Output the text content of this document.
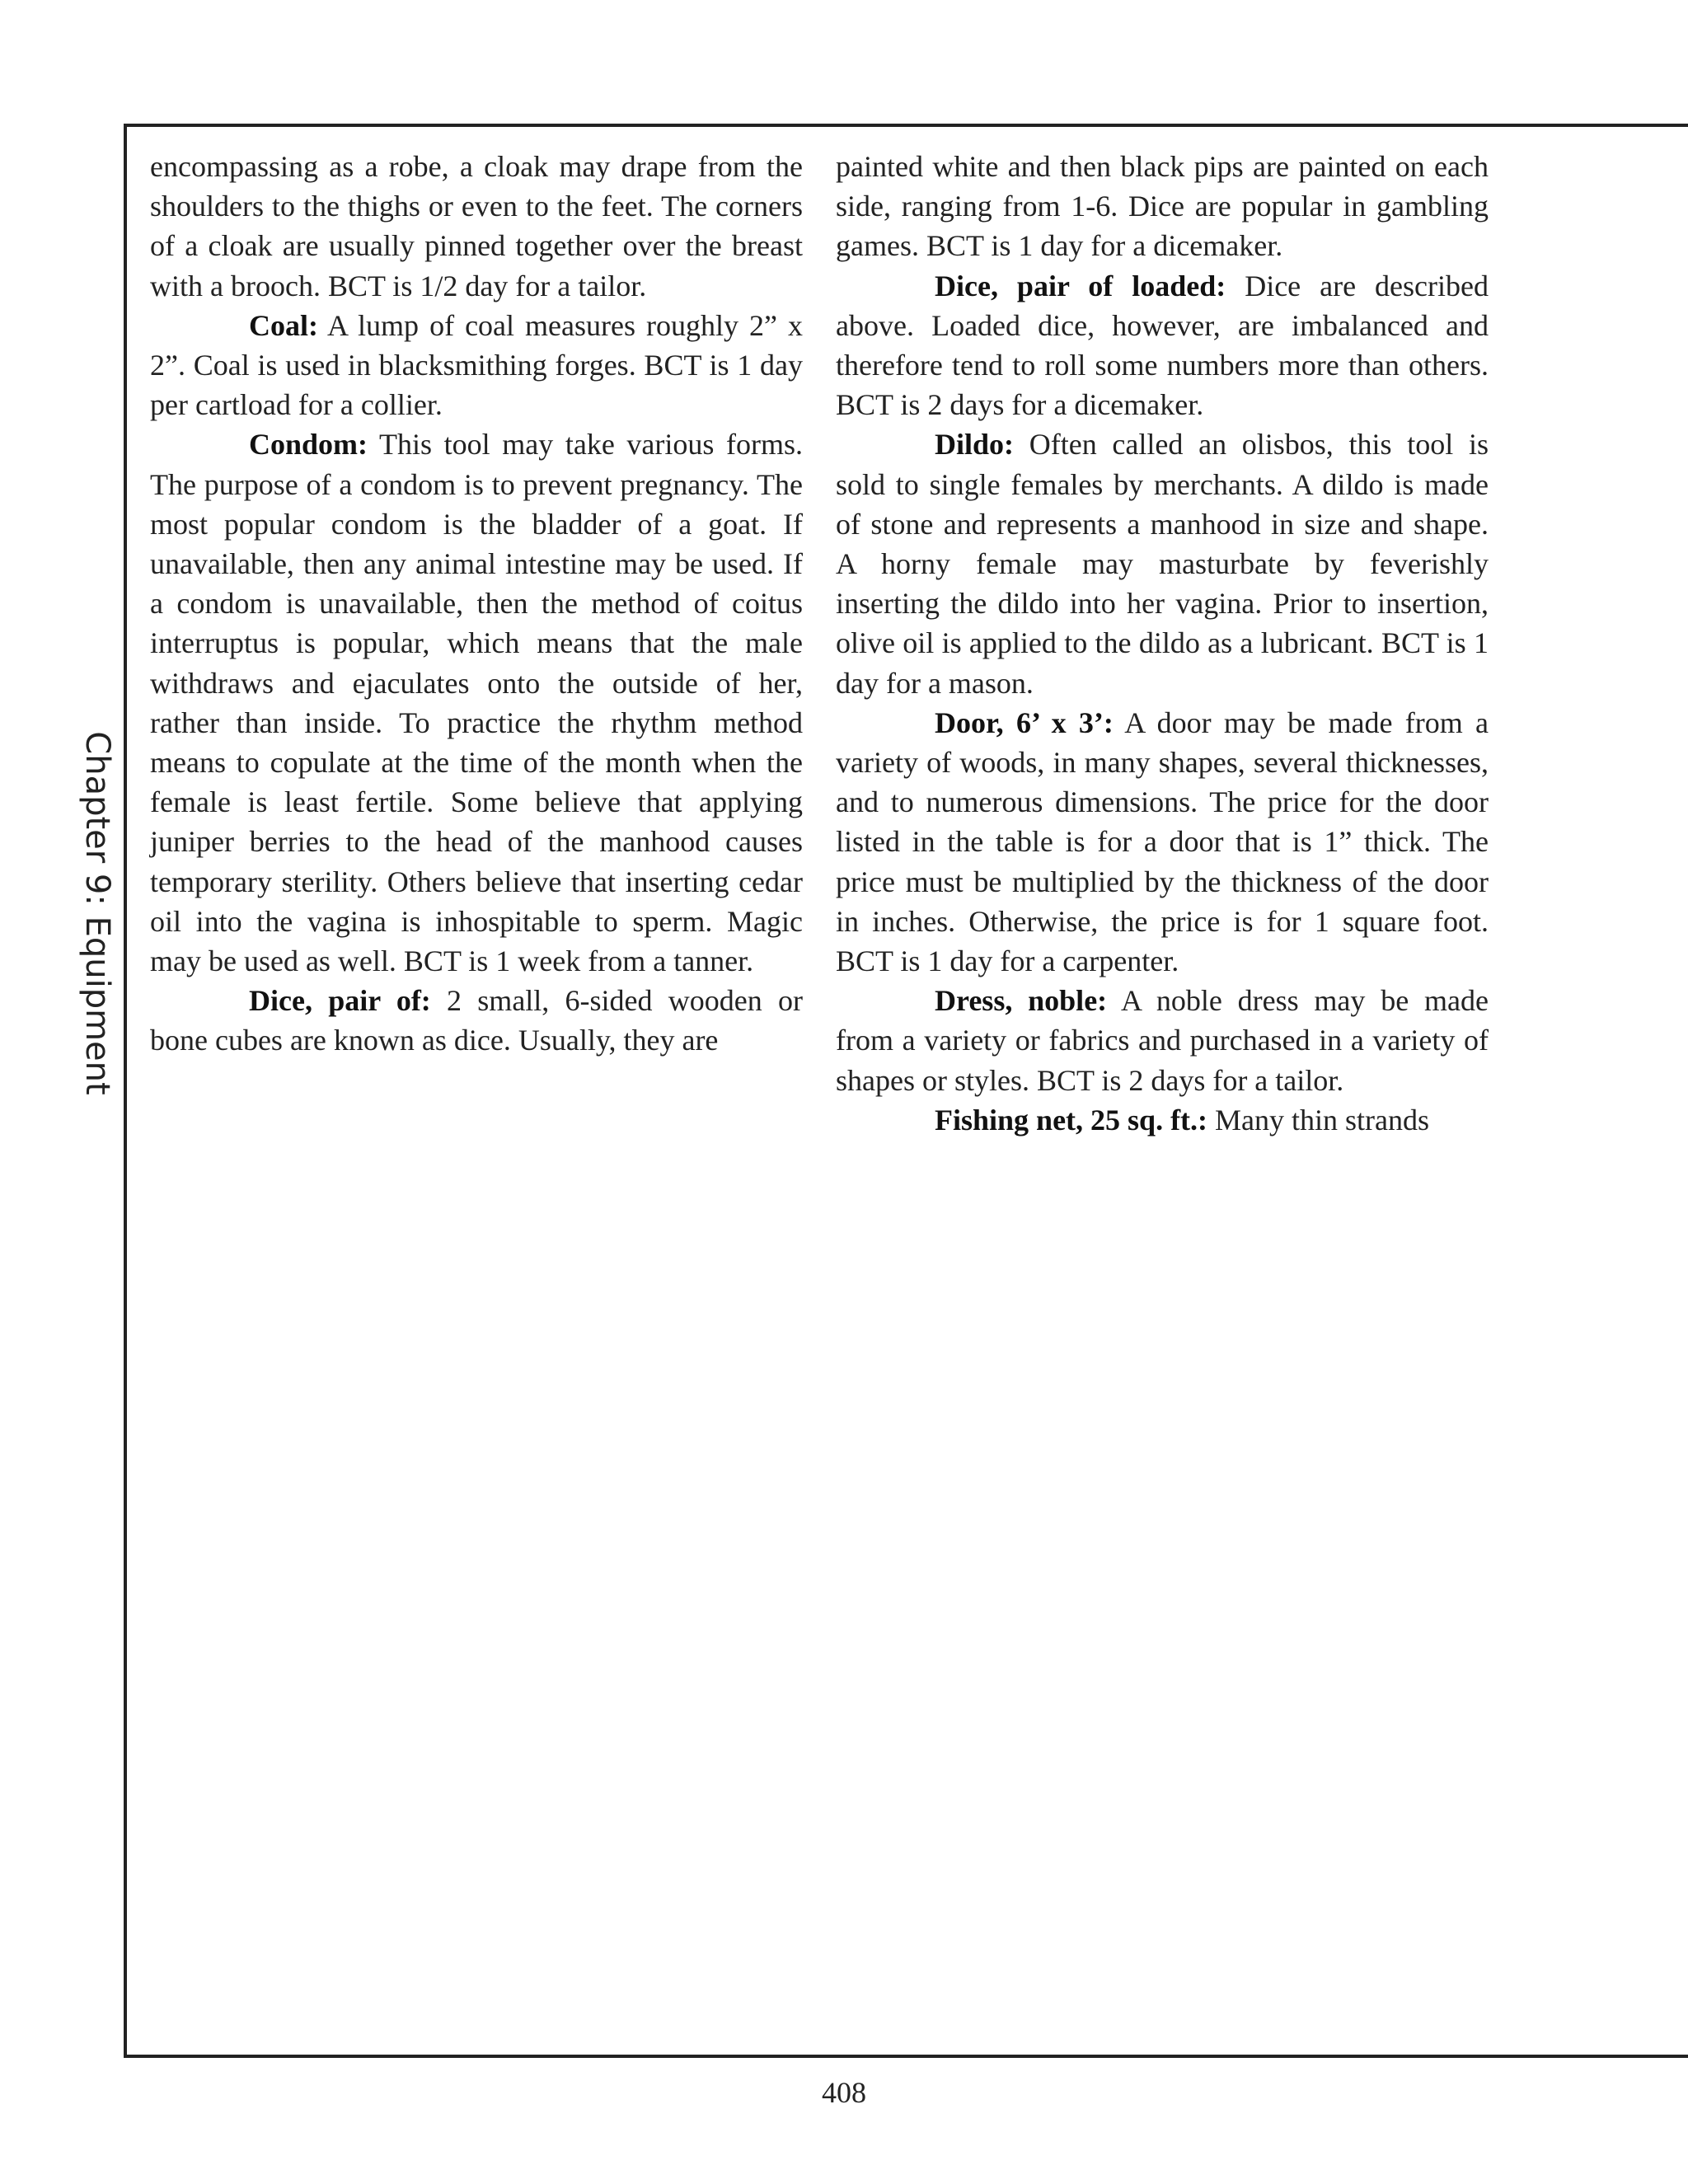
Chapter 9: Equipment

encompassing as a robe, a cloak may drape from the shoulders to the thighs or even to the feet. The corners of a cloak are usually pinned together over the breast with a brooch. BCT is 1/2 day for a tailor.

Coal: A lump of coal measures roughly 2” x 2”. Coal is used in blacksmithing forges. BCT is 1 day per cartload for a collier.

Condom: This tool may take various forms. The purpose of a condom is to prevent pregnancy. The most popular condom is the bladder of a goat. If unavailable, then any animal intestine may be used. If a condom is unavailable, then the method of coitus interruptus is popular, which means that the male withdraws and ejaculates onto the outside of her, rather than inside. To practice the rhythm method means to copulate at the time of the month when the female is least fertile. Some believe that applying juniper berries to the head of the manhood causes temporary sterility. Others believe that inserting cedar oil into the vagina is inhospitable to sperm. Magic may be used as well. BCT is 1 week from a tanner.

Dice, pair of: 2 small, 6-sided wooden or bone cubes are known as dice. Usually, they are

painted white and then black pips are painted on each side, ranging from 1-6. Dice are popular in gambling games. BCT is 1 day for a dicemaker.

Dice, pair of loaded: Dice are described above. Loaded dice, however, are imbalanced and therefore tend to roll some numbers more than others. BCT is 2 days for a dicemaker.

Dildo: Often called an olisbos, this tool is sold to single females by merchants. A dildo is made of stone and represents a manhood in size and shape. A horny female may masturbate by feverishly inserting the dildo into her vagina. Prior to insertion, olive oil is applied to the dildo as a lubricant. BCT is 1 day for a mason.

Door, 6’ x 3’: A door may be made from a variety of woods, in many shapes, several thicknesses, and to numerous dimensions. The price for the door listed in the table is for a door that is 1” thick. The price must be multiplied by the thickness of the door in inches. Otherwise, the price is for 1 square foot. BCT is 1 day for a carpenter.

Dress, noble: A noble dress may be made from a variety or fabrics and purchased in a variety of shapes or styles. BCT is 2 days for a tailor.

Fishing net, 25 sq. ft.: Many thin strands

408
